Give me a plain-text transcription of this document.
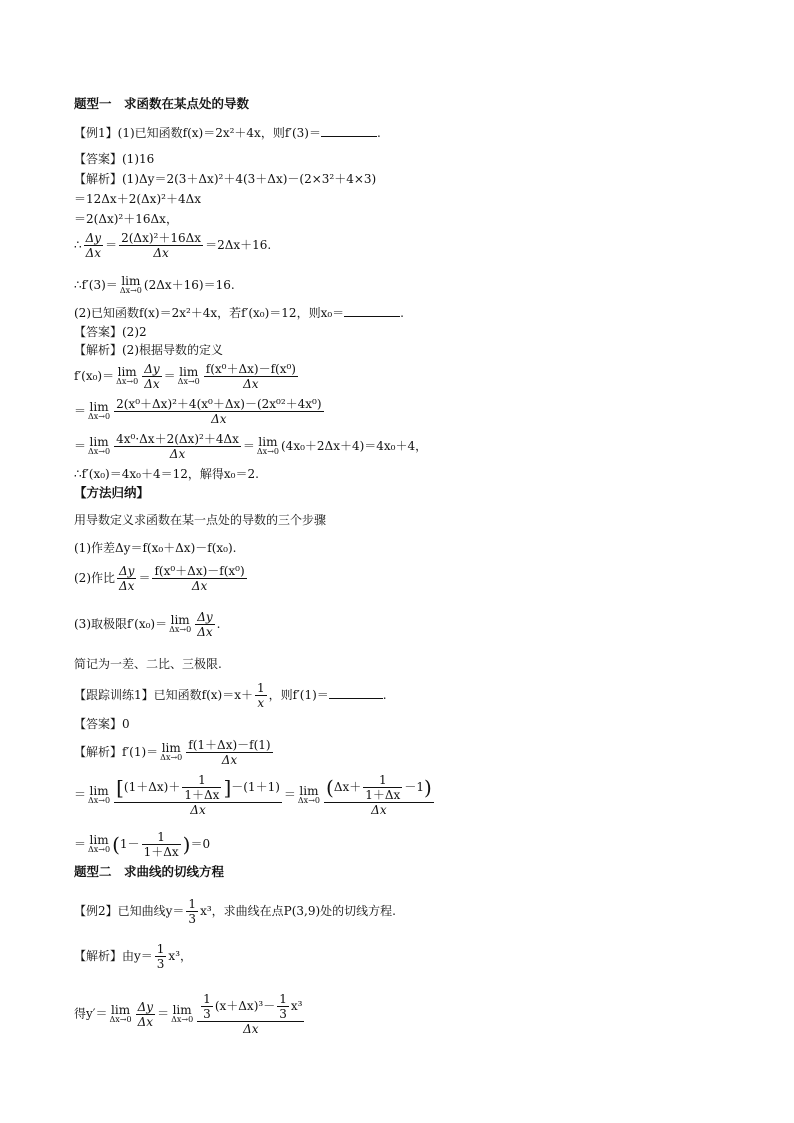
题型一　求函数在某点处的导数
【例1】(1)已知函数f(x)＝2x²＋4x，则f′(3)＝	.
【答案】(1)16
【解析】(1)Δy＝2(3＋Δx)²＋4(3＋Δx)－(2×3²＋4×3)
＝12Δx＋2(Δx)²＋4Δx
＝2(Δx)²＋16Δx，
∴ $\frac{\Delta y}{\Delta x} = \frac{\text{2(Δx)²＋16Δx}}{\Delta x} =2\Delta x+16$.
∴f′(3)＝ lim
Δx→0 (2Δx＋16)＝16.
(2)已知函数f(x)＝2x²＋4x，若f′(x₀)＝12，则x₀＝	.
【答案】(2)2
【解析】(2)根据导数的定义
f′(x₀)＝ lim
$\Delta x\to 0 \frac{\Delta y}{\Delta x} = \lim$
$\Delta x\to 0 \frac{\text{f(x⁰＋Δx)－f(x⁰)}}{\Delta x}$
＝ lim
$\Delta x\to 0 \frac{\text{2(x⁰＋Δx)²＋4(x⁰＋Δx)－(2x⁰²＋4x⁰)}}{\Delta x}$
＝ lim
$\Delta x\to 0 \frac{\text{4x⁰·Δx＋2(Δx)²＋4Δx}}{\Delta x} = \lim$
Δx→0 (4x₀＋2Δx＋4)＝4x₀＋4，
∴f′(x₀)＝4x₀＋4＝12，解得x₀＝2.
【方法归纳】
用导数定义求函数在某一点处的导数的三个步骤
(1)作差Δy＝f(x₀＋Δx)－f(x₀).
(2)作比 $\frac{\Delta y}{\Delta x} = \frac{\text{f(x⁰＋Δx)－f(x⁰)}}{\Delta x}$
(3)取极限f′(x₀)＝ lim
$\Delta x\to 0 \frac{\Delta y}{\Delta x}$ .
简记为一差、二比、三极限.
【跟踪训练1】已知函数$f(x)=x+ \frac{1}{x}$ ，则f′(1)＝	.
【答案】0
【解析】f′(1)＝ lim
$\Delta x\to 0 \frac{f(1+\Delta x)-f(1)}{\Delta x}$
＝ lim
$\Delta x\to 0 \frac{[(1+\Delta x)+ \frac{1}{1+\Delta x} ]-(1+1)}{\Delta x} = \lim$
$\Delta x\to 0 \frac{(\Delta x+ \frac{1}{1+\Delta x} -1)}{\Delta x}$
＝ lim
Δx→0 $(1- \frac{1}{1+\Delta x} )=0$
题型二　求曲线的切线方程
【例2】已知曲线$y= \frac{1}{3} x^3$，求曲线在点P(3,9)处的切线方程.
【解析】由$y= \frac{1}{3} x^3$，
得y′＝ lim
$\Delta x\to 0 \frac{\Delta y}{\Delta x} = \lim$
$\Delta x\to 0 \frac{\frac{1}{3} (x+\Delta x)^3- \frac{1}{3} x^3}{\Delta x}$
